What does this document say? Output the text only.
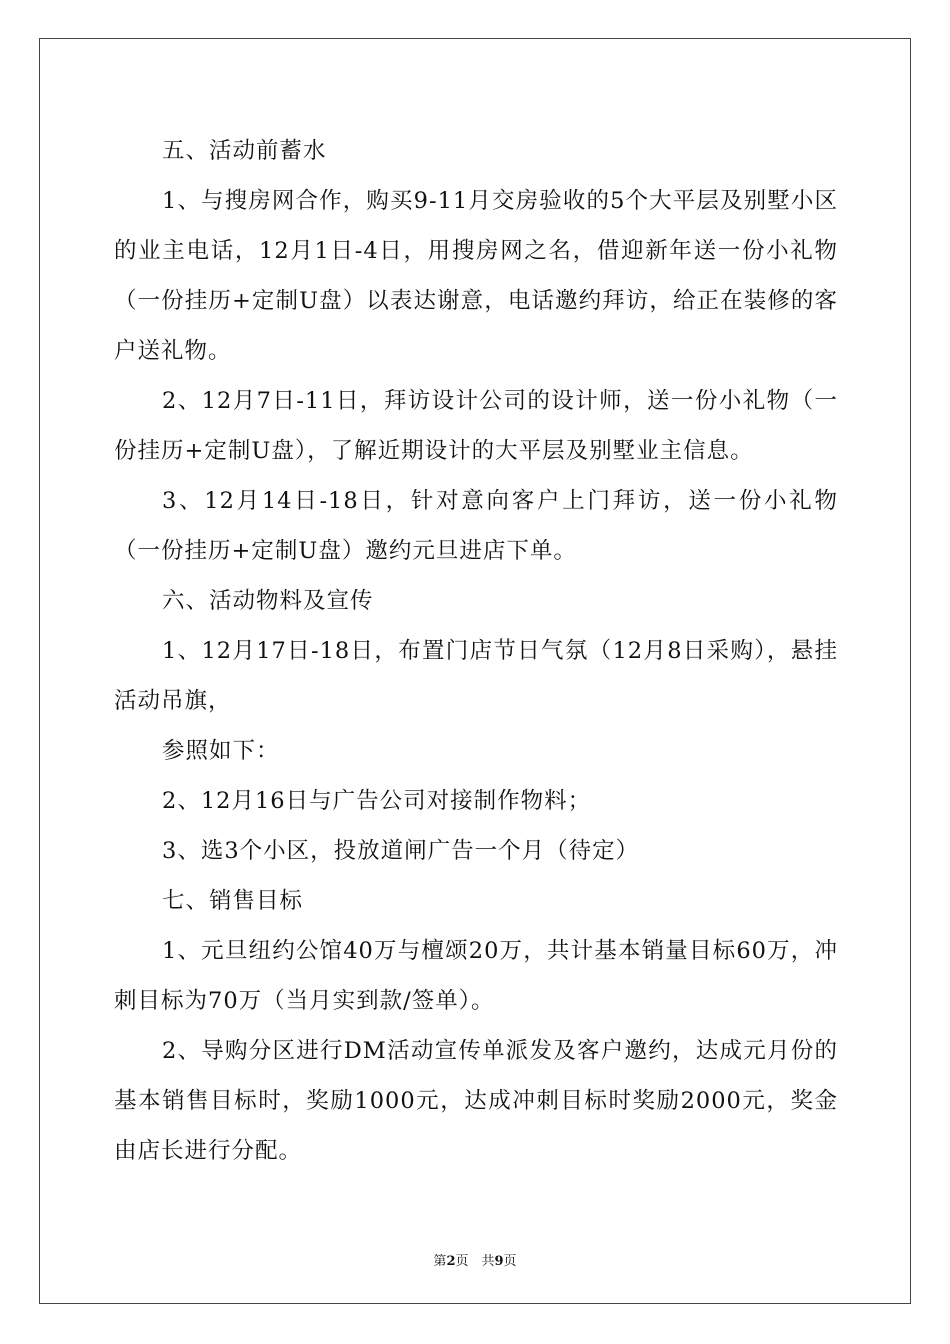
五、活动前蓄水

1、与搜房网合作，购买9-11月交房验收的5个大平层及别墅小区的业主电话，12月1日-4日，用搜房网之名，借迎新年送一份小礼物（一份挂历+定制U盘）以表达谢意，电话邀约拜访，给正在装修的客户送礼物。

2、12月7日-11日，拜访设计公司的设计师，送一份小礼物（一份挂历+定制U盘），了解近期设计的大平层及别墅业主信息。

3、12月14日-18日，针对意向客户上门拜访，送一份小礼物（一份挂历+定制U盘）邀约元旦进店下单。

六、活动物料及宣传

1、12月17日-18日，布置门店节日气氛（12月8日采购），悬挂活动吊旗，

参照如下：

2、12月16日与广告公司对接制作物料；

3、选3个小区，投放道闸广告一个月（待定）

七、销售目标

1、元旦纽约公馆40万与檀颂20万，共计基本销量目标60万，冲刺目标为70万（当月实到款/签单）。

2、导购分区进行DM活动宣传单派发及客户邀约，达成元月份的基本销售目标时，奖励1000元，达成冲刺目标时奖励2000元，奖金由店长进行分配。

第2页　共9页
